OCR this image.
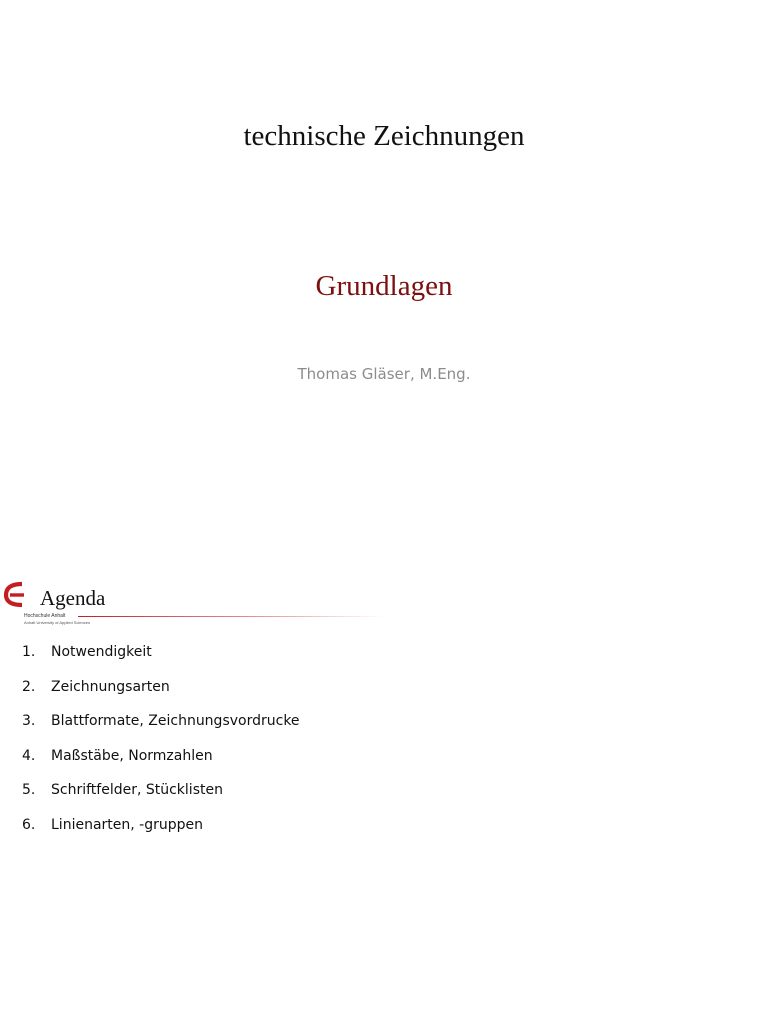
technische Zeichnungen
Grundlagen
Thomas Gläser, M.Eng.
Hochschule Anhalt
Anhalt University of Applied Sciences
Agenda
1.	Notwendigkeit
2.	Zeichnungsarten
3.	Blattformate, Zeichnungsvordrucke
4.	Maßstäbe, Normzahlen
5.	Schriftfelder, Stücklisten
6.	Linienarten, -gruppen
